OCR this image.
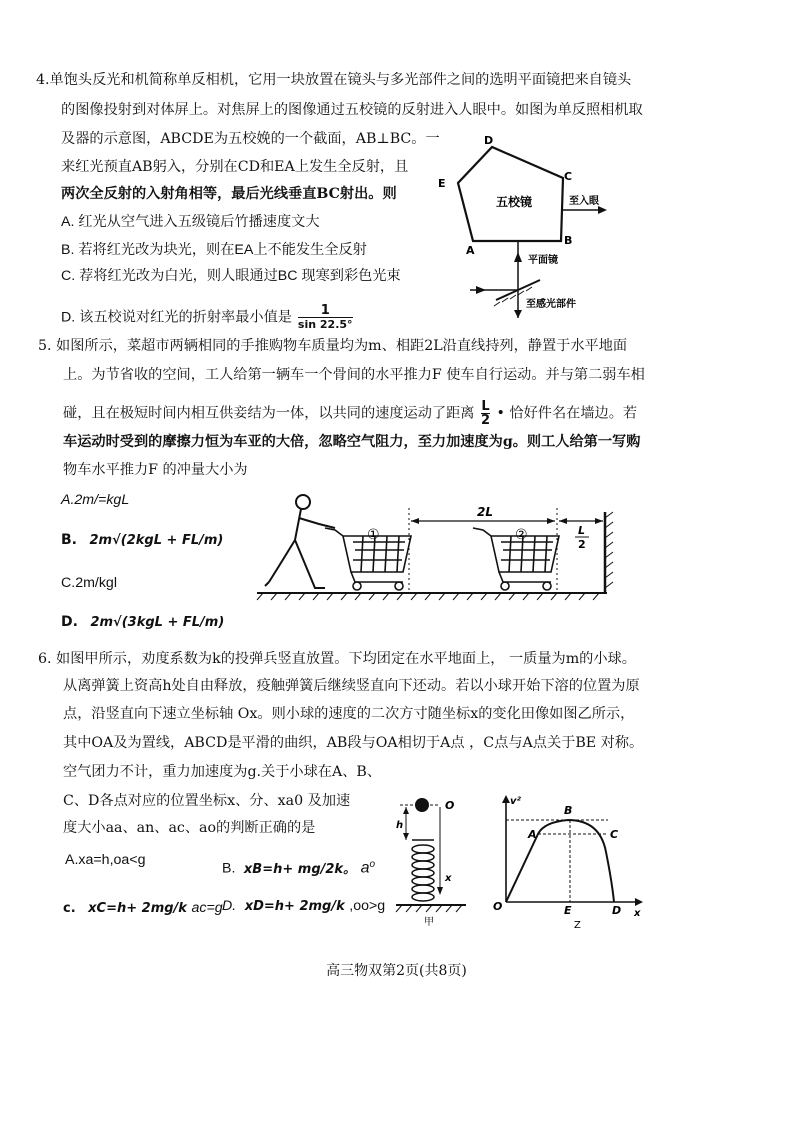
4.单饱头反光和机简称单反相机，它用一块放置在镜头与多光部件之间的选明平面镜把来自镜头
的图像投射到对体屏上。对焦屏上的图像通过五校镜的反射进入人眼中。如图为单反照相机取
及器的示意图，ABCDE为五校娩的一个截面，AB⊥BC。一
来红光预直AB躬入，分别在CD和EA上发生全反射，且
两次全反射的入射角相等，最后光线垂直BC射出。则
A. 红光从空气进入五级镜后竹播速度文大
B. 若将红光改为块光，则在EA上不能发生全反射
C. 荐将红光改为白光，则人眼通过BC 现寒到彩色光束
D. 该五校说对红光的折射率最小值是	1
sin 22.5°
D
E
C
A
B
五校镜	至入眼
平面镜
至感光部件
5. 如图所示，菜超市两辆相同的手推购物车质量均为m、相距2L沿直线持列，静置于水平地面
上。为节省收的空间，工人给第一辆车一个骨间的水平推力F 使车自行运动。并与第二弱车相
碰，且在极短时间内相互供妾结为一体，以共同的速度运动了距离 $\frac{L}{2}$ • 恰好件名在墙边。若
车运动时受到的摩擦力恒为车亚的大倍，忽略空气阻力，至力加速度为g。则工人给第一写购
物车水平推力F 的冲量大小为
A.2m/=kgL
B. 2m√(2kgL + FL/m)
C.2m/kgl
D. 2m√(3kgL + FL/m)
①	②
2L
L
2
6. 如图甲所示，劝度系数为k的投弹兵竖直放置。下均团定在水平地面上， 一质量为m的小球。
从离弹簧上资高h处自由释放，疫触弹簧后继续竖直向下还动。若以小球开始下溶的位置为原
点，沿竖直向下速立坐标轴 Ox。则小球的速度的二次方寸随坐标x的变化田像如图乙所示，
其中OA及为置线，ABCD是平滑的曲织，AB段与OA相切于A点 ，C点与A点关于BE 对称。
空气团力不计，重力加速度为g.关于小球在A、B、
C、D各点对应的位置坐标x、分、xa0 及加速
度大小aa、an、ac、ao的判断正确的是
A.xa=h,oa<g
B. xB=h+ mg/2k。 $a^o$
c. xC=h+ 2mg/k ac=g D. xD=h+ 2mg/k ,oo>g
O
h
x
甲
v²
x
O
A
B
C
E	D
Z
高三物双第2页(共8页)
